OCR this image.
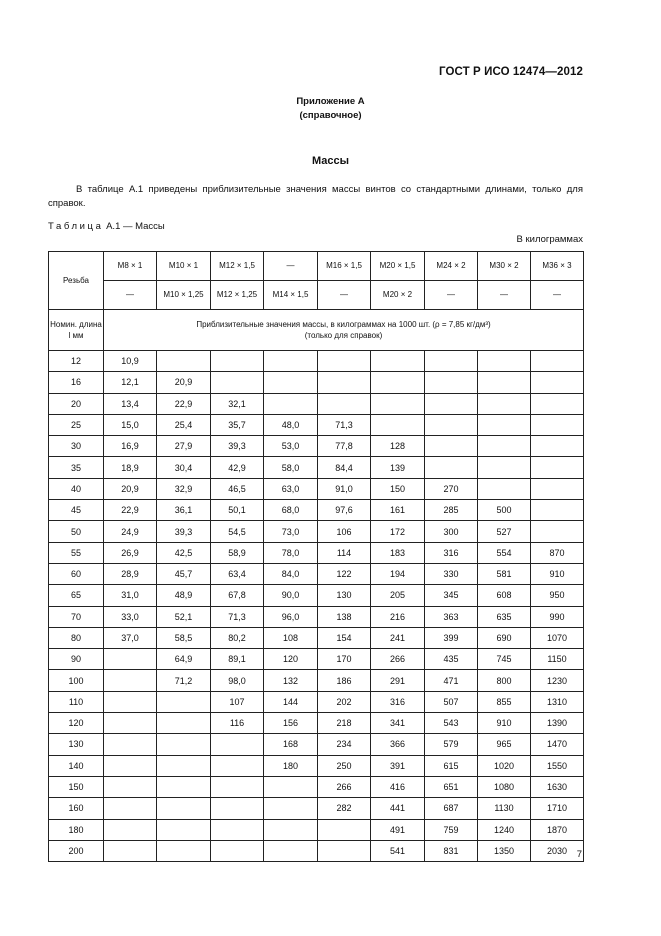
ГОСТ Р ИСО 12474—2012
Приложение А
(справочное)
Массы
В таблице А.1 приведены приблизительные значения массы винтов со стандартными длинами, только для справок.
Таблица А.1 — Массы
В килограммах
Резьба	М8 × 1	М10 × 1	М12 × 1,5	—	М16 × 1,5	М20 × 1,5	М24 × 2	М30 × 2	М36 × 3
	—	М10 × 1,25	М12 × 1,25	М14 × 1,5	—	М20 × 2	—	—	—
Номин. длина l мм	Приблизительные значения массы, в килограммах на 1000 шт. (ρ = 7,85 кг/дм³)
(только для справок)								

12	10,9								
16	12,1	20,9							
20	13,4	22,9	32,1						
25	15,0	25,4	35,7	48,0	71,3				
30	16,9	27,9	39,3	53,0	77,8	128			
35	18,9	30,4	42,9	58,0	84,4	139			
40	20,9	32,9	46,5	63,0	91,0	150	270		
45	22,9	36,1	50,1	68,0	97,6	161	285	500	
50	24,9	39,3	54,5	73,0	106	172	300	527	
55	26,9	42,5	58,9	78,0	114	183	316	554	870
60	28,9	45,7	63,4	84,0	122	194	330	581	910
65	31,0	48,9	67,8	90,0	130	205	345	608	950
70	33,0	52,1	71,3	96,0	138	216	363	635	990
80	37,0	58,5	80,2	108	154	241	399	690	1070
90		64,9	89,1	120	170	266	435	745	1150
100		71,2	98,0	132	186	291	471	800	1230
110			107	144	202	316	507	855	1310
120			116	156	218	341	543	910	1390
130				168	234	366	579	965	1470
140				180	250	391	615	1020	1550
150					266	416	651	1080	1630
160					282	441	687	1130	1710
180						491	759	1240	1870
200						541	831	1350	2030 7
